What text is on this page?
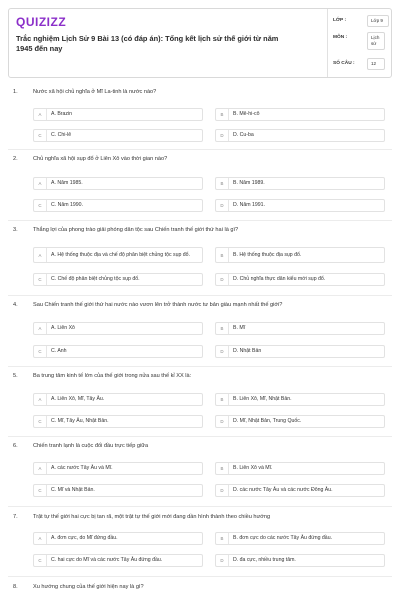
QUIZIZZ
Trắc nghiệm Lịch Sử 9 Bài 13 (có đáp án): Tổng kết lịch sử thế giới từ năm 1945 đến nay
LỚP :	Lớp 9
MÔN :	Lịch sử
SỐ CÂU :	12
1.	Nước xã hội chủ nghĩa ở Mĩ La-tinh là nước nào?
A	A. Brazin	B	B. Mê-hi-cô
C	C. Chi-lê	D	D. Cu-ba
2.	Chủ nghĩa xã hội sụp đổ ở Liên Xô vào thời gian nào?
A	A. Năm 1985.	B	B. Năm 1989.
C	C. Năm 1990.	D	D. Năm 1991.
3.	Thắng lợi của phong trào giải phóng dân tộc sau Chiến tranh thế giới thứ hai là gì?
A	A. Hệ thống thuộc địa và chế độ phân biệt chủng tộc sụp đổ.	B	B. Hệ thống thuộc địa sụp đổ.
C	C. Chế độ phân biệt chủng tộc sụp đổ.	D	D. Chủ nghĩa thực dân kiểu mới sụp đổ.
4.	Sau Chiến tranh thế giới thứ hai nước nào vươn lên trở thành nước tư bản giàu mạnh nhất thế giới?
A	A. Liên Xô	B	B. Mĩ
C	C. Anh	D	D. Nhật Bản
5.	Ba trung tâm kinh tế lớn của thế giới trong nửa sau thế kỉ XX là:
A	A. Liên Xô, Mĩ, Tây Âu.	B	B. Liên Xô, Mĩ, Nhật Bản.
C	C. Mĩ, Tây Âu, Nhật Bản.	D	D. Mĩ, Nhật Bản, Trung Quốc.
6.	Chiến tranh lạnh là cuộc đối đầu trực tiếp giữa
A	A. các nước Tây Âu và Mĩ.	B	B. Liên Xô và Mĩ.
C	C. Mĩ và Nhật Bản.	D	D. các nước Tây Âu và các nước Đông Âu.
7.	Trật tự thế giới hai cực bị tan rã, một trật tự thế giới mới đang dần hình thành theo chiều hướng
A	A. đơn cực, do Mĩ đứng đầu.	B	B. đơn cực do các nước Tây Âu đứng đầu.
C	C. hai cực do Mĩ và các nước Tây Âu đứng đầu.	D	D. đa cực, nhiều trung tâm.
8.	Xu hướng chung của thế giới hiện nay là gì?
